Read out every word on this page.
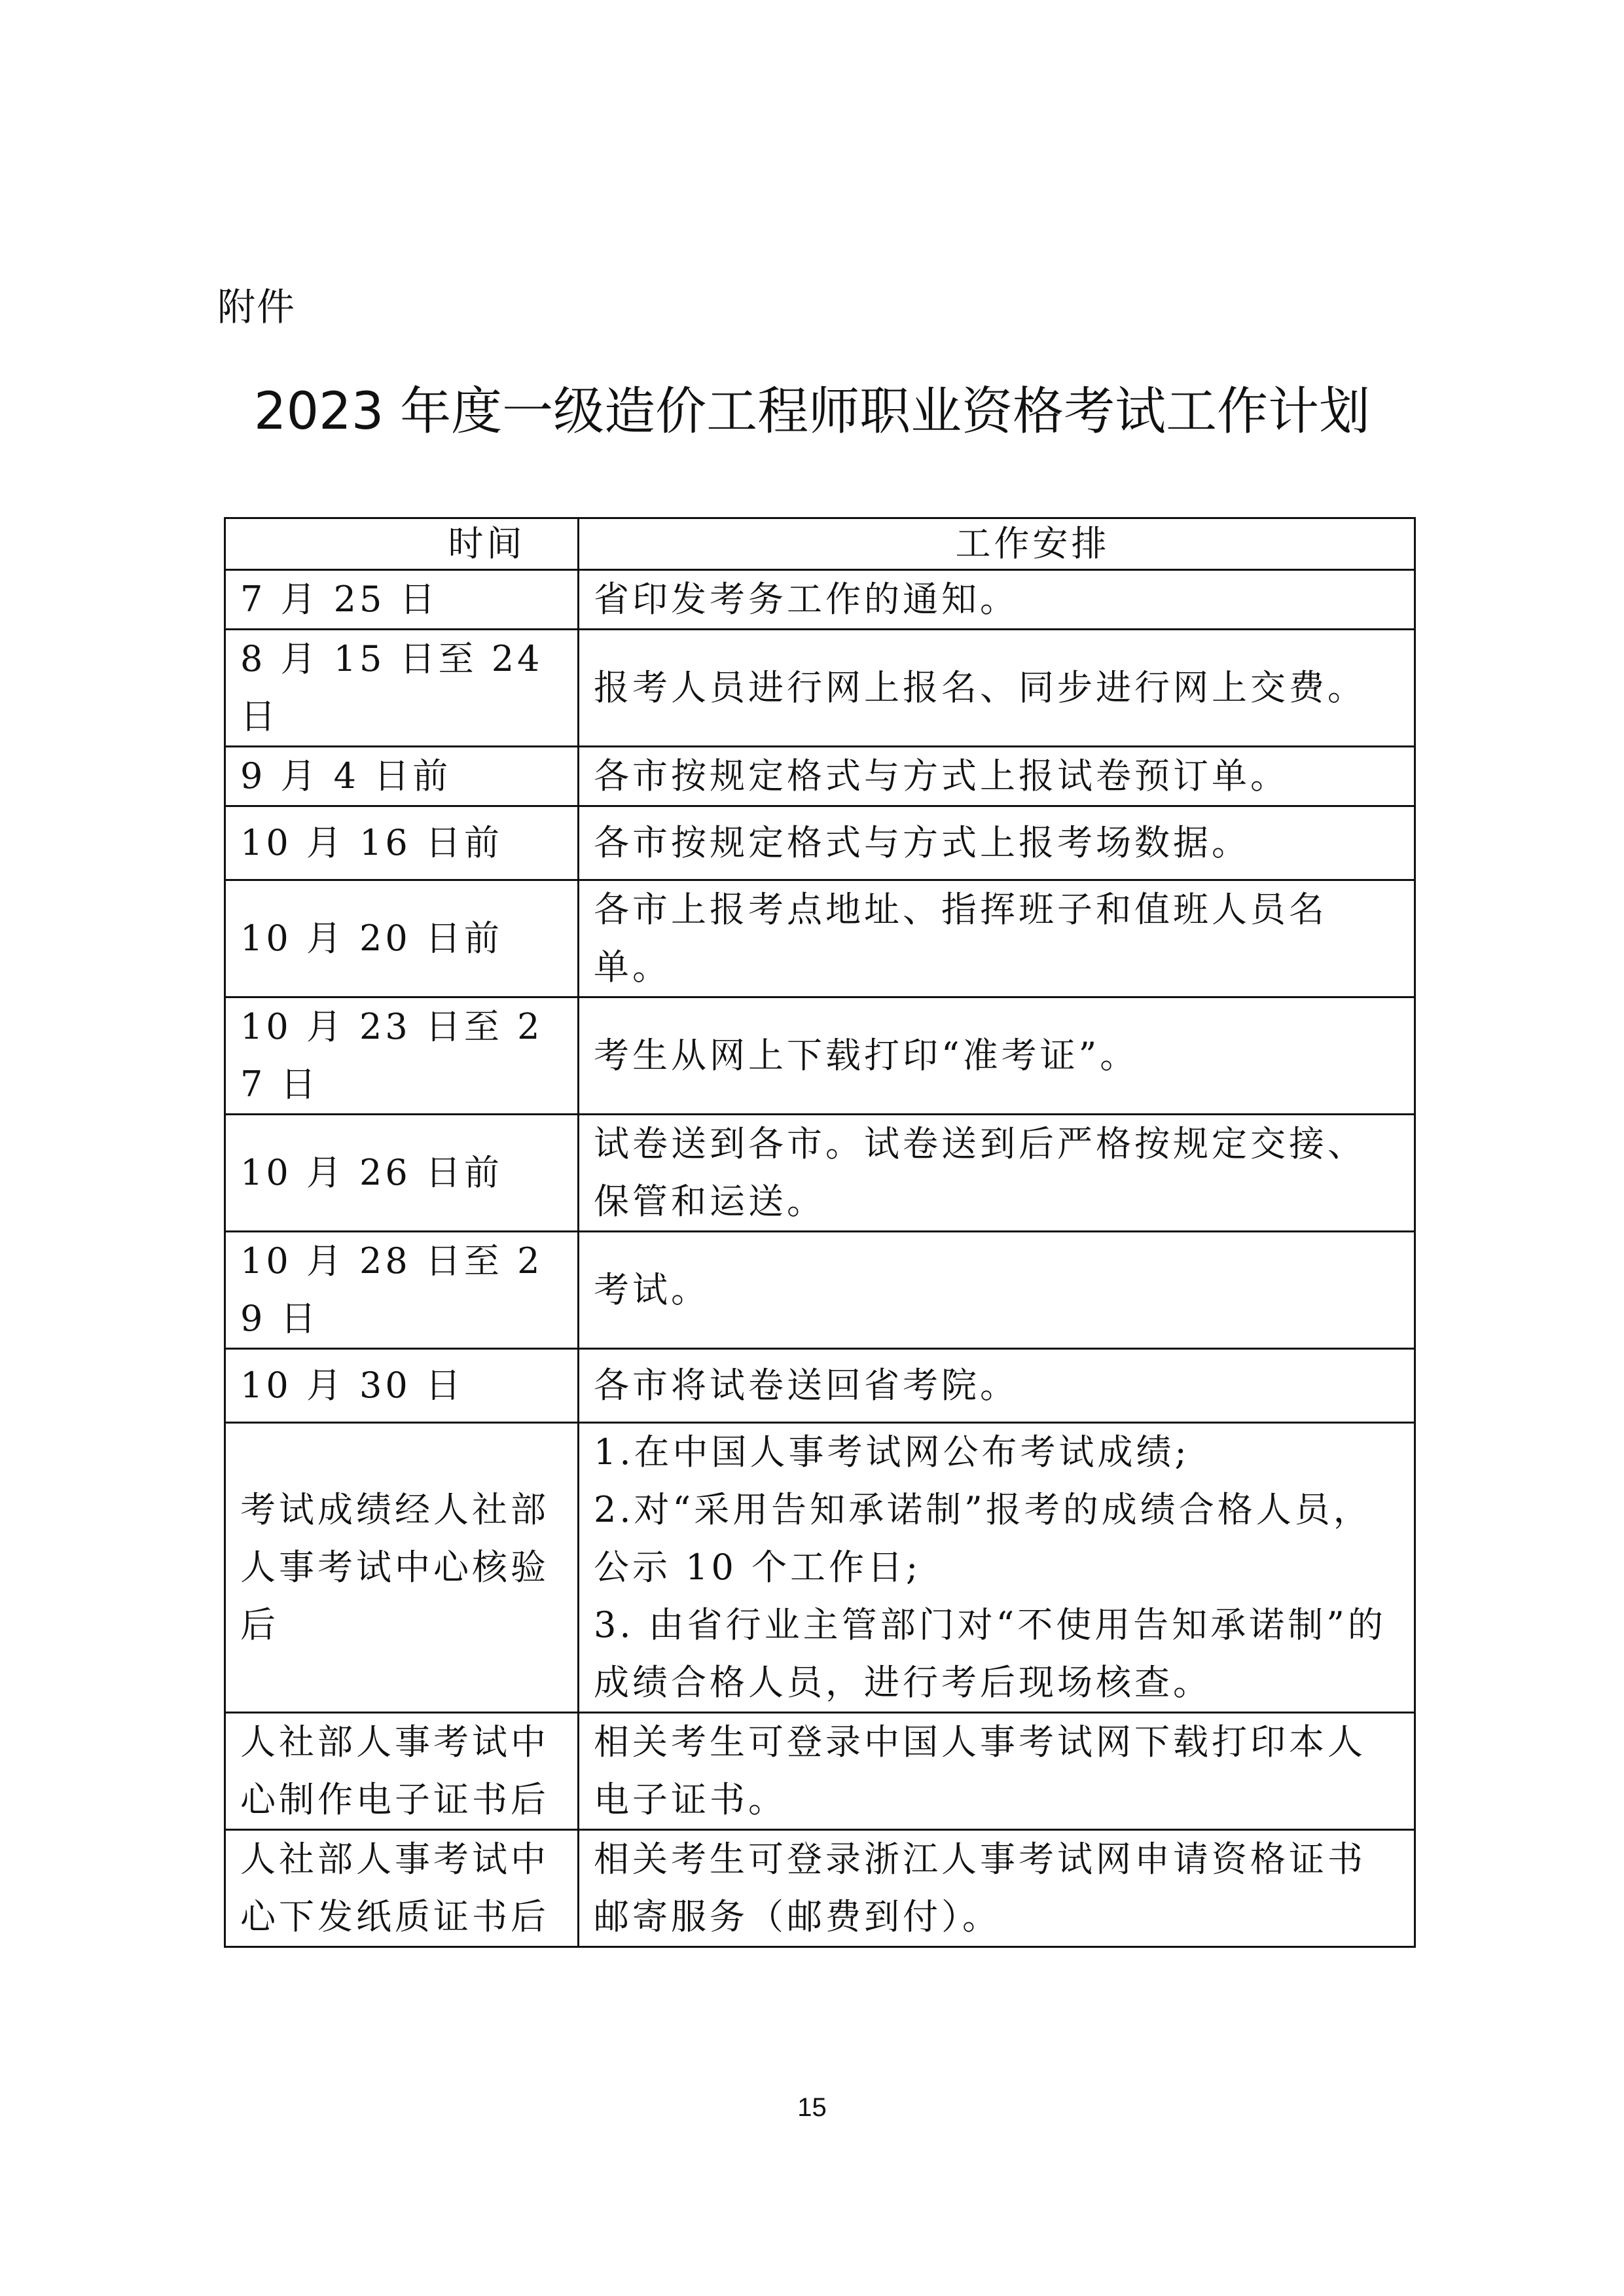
附件
2023 年度一级造价工程师职业资格考试工作计划
时间	工作安排
7 月 25 日	省印发考务工作的通知。
8 月 15 日至 24 日	报考人员进行网上报名、同步进行网上交费。
9 月 4 日前	各市按规定格式与方式上报试卷预订单。
10 月 16 日前	各市按规定格式与方式上报考场数据。
10 月 20 日前	各市上报考点地址、指挥班子和值班人员名单。
10 月 23 日至 27 日	考生从网上下载打印“准考证”。
10 月 26 日前	试卷送到各市。试卷送到后严格按规定交接、保管和运送。
10 月 28 日至 29 日	考试。
10 月 30 日	各市将试卷送回省考院。
考试成绩经人社部人事考试中心核验后	1.在中国人事考试网公布考试成绩;
2.对“采用告知承诺制”报考的成绩合格人员，公示 10 个工作日;
3. 由省行业主管部门对“不使用告知承诺制”的成绩合格人员，进行考后现场核查。

人社部人事考试中心制作电子证书后	相关考生可登录中国人事考试网下载打印本人电子证书。
人社部人事考试中心下发纸质证书后	相关考生可登录浙江人事考试网申请资格证书邮寄服务（邮费到付）。
15
